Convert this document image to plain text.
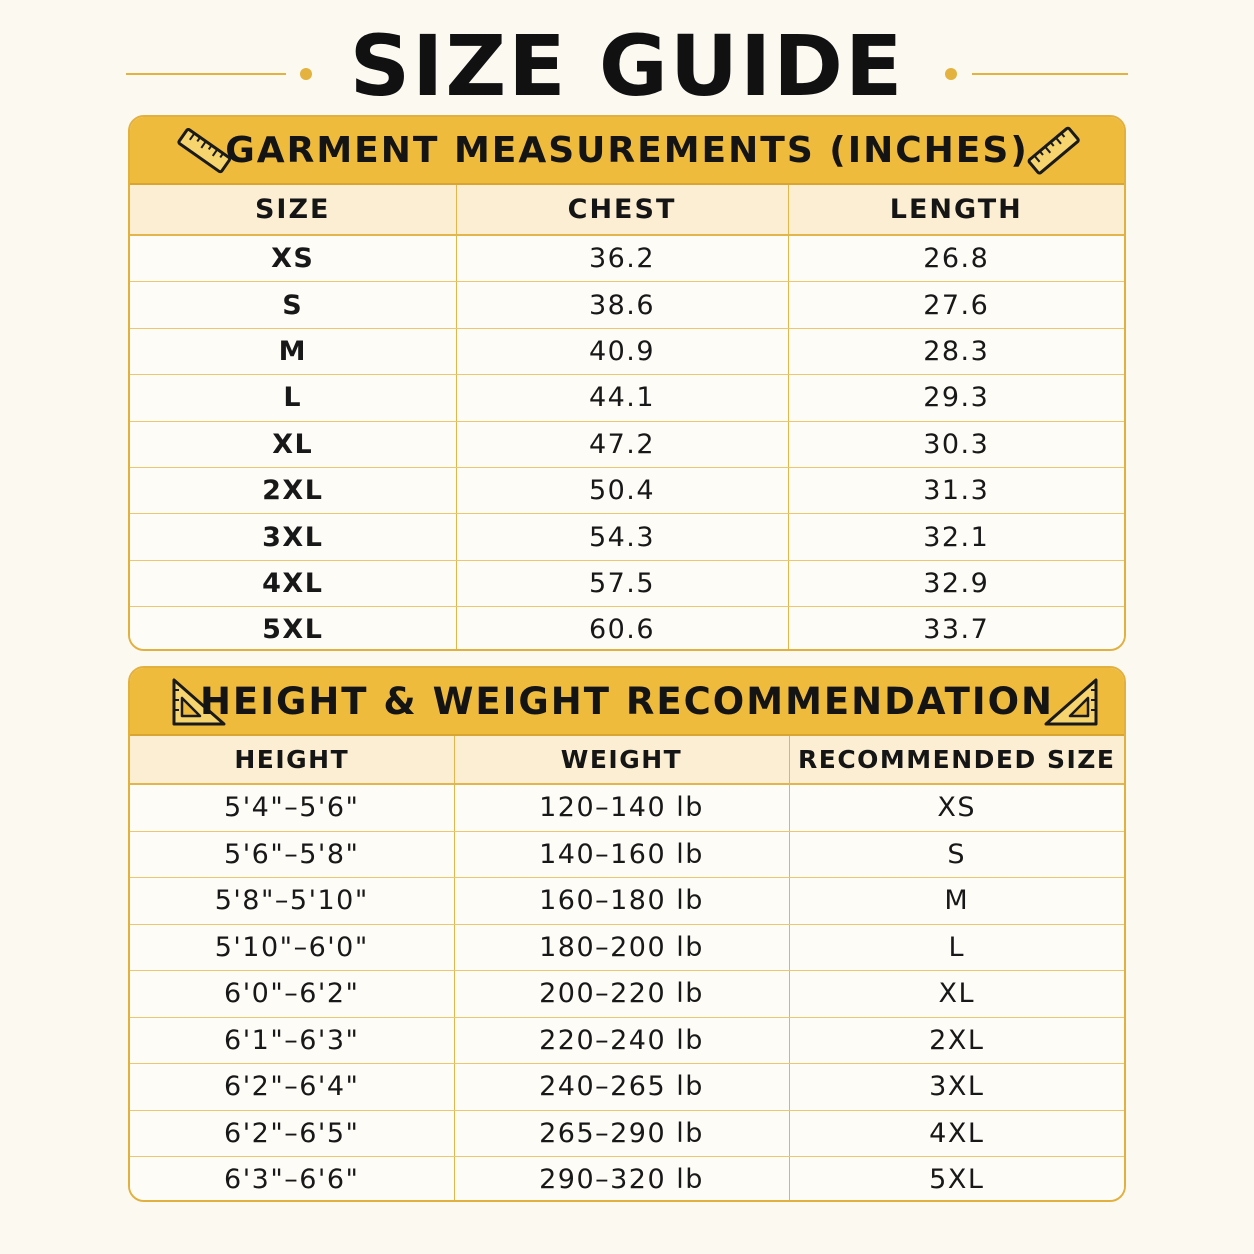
SIZE GUIDE
GARMENT MEASUREMENTS (INCHES)
SIZE	CHEST	LENGTH
XS	36.2	26.8
S	38.6	27.6
M	40.9	28.3
L	44.1	29.3
XL	47.2	30.3
2XL	50.4	31.3
3XL	54.3	32.1
4XL	57.5	32.9
5XL	60.6	33.7
HEIGHT & WEIGHT RECOMMENDATION
HEIGHT	WEIGHT	RECOMMENDED SIZE
5'4"–5'6"	120–140 lb	XS
5'6"–5'8"	140–160 lb	S
5'8"–5'10"	160–180 lb	M
5'10"–6'0"	180–200 lb	L
6'0"–6'2"	200–220 lb	XL
6'1"–6'3"	220–240 lb	2XL
6'2"–6'4"	240–265 lb	3XL
6'2"–6'5"	265–290 lb	4XL
6'3"–6'6"	290–320 lb	5XL
